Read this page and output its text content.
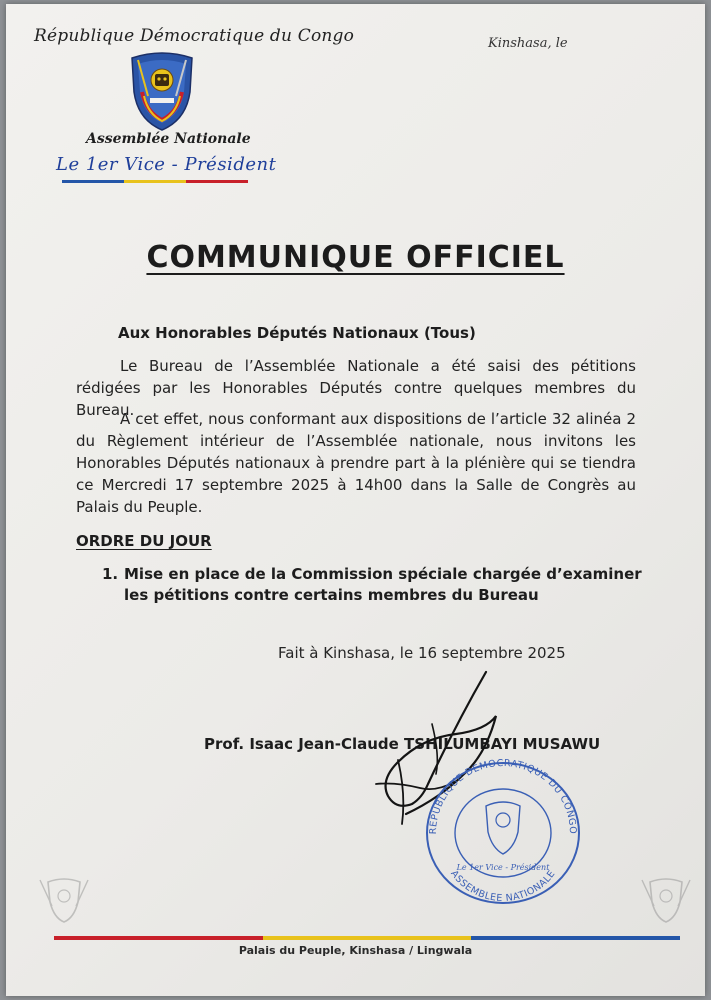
République Démocratique du Congo	Kinshasa, le
Assemblée Nationale
Le 1er Vice - Président
COMMUNIQUE OFFICIEL
Aux Honorables Députés Nationaux (Tous)
Le Bureau de l’Assemblée Nationale a été saisi des pétitions rédigées par les Honorables Députés contre quelques membres du Bureau.
A cet effet, nous conformant aux dispositions de l’article 32 alinéa 2 du Règlement intérieur de l’Assemblée nationale, nous invitons les Honorables Députés nationaux à prendre part à la plénière qui se tiendra ce Mercredi 17 septembre 2025 à 14h00 dans la Salle de Congrès au Palais du Peuple.
ORDRE DU JOUR
1. Mise en place de la Commission spéciale chargée d’examiner les pétitions contre certains membres du Bureau
Fait à Kinshasa, le 16 septembre 2025
Prof. Isaac Jean-Claude TSHILUMBAYI MUSAWU
REPUBLIQUE DEMOCRATIQUE DU CONGO
ASSEMBLEE NATIONALE
Le 1er Vice - Président
Palais du Peuple, Kinshasa / Lingwala
